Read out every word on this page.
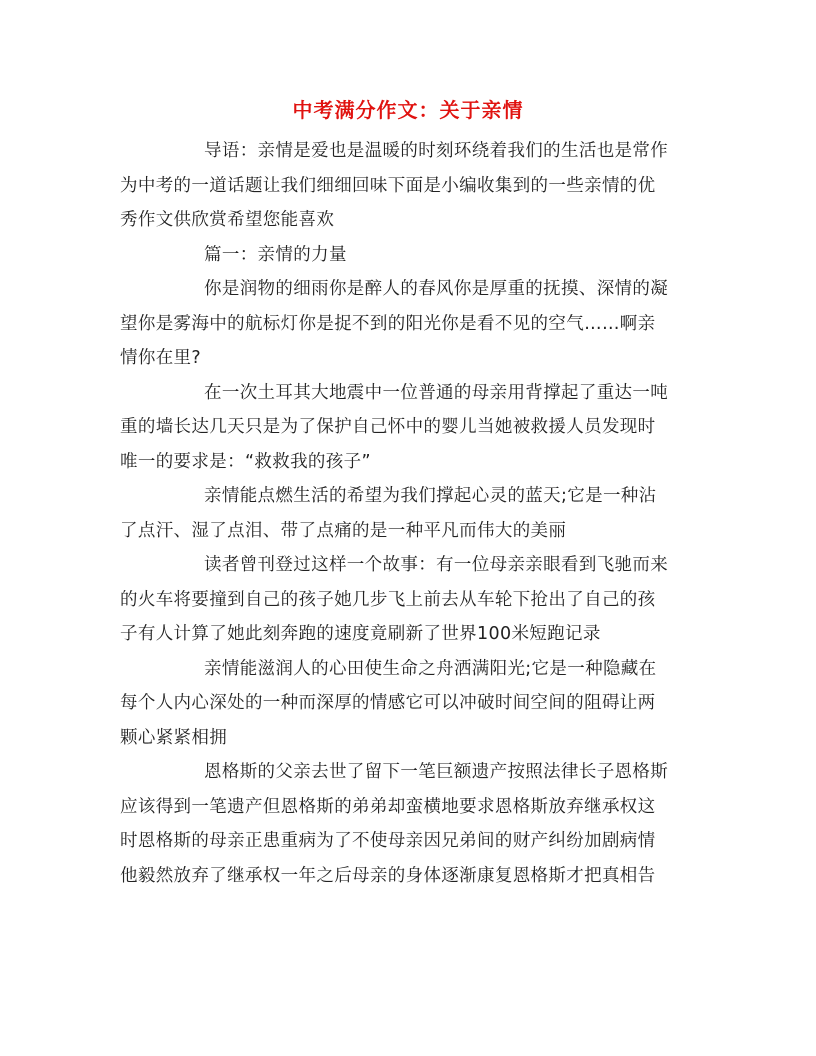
中考满分作文：关于亲情
导语：亲情是爱也是温暖的时刻环绕着我们的生活也是常作
为中考的一道话题让我们细细回味下面是小编收集到的一些亲情的优
秀作文供欣赏希望您能喜欢
篇一：亲情的力量
你是润物的细雨你是醉人的春风你是厚重的抚摸、深情的凝
望你是雾海中的航标灯你是捉不到的阳光你是看不见的空气……啊亲
情你在里?
在一次土耳其大地震中一位普通的母亲用背撑起了重达一吨
重的墙长达几天只是为了保护自己怀中的婴儿当她被救援人员发现时
唯一的要求是：“救救我的孩子”
亲情能点燃生活的希望为我们撑起心灵的蓝天;它是一种沾
了点汗、湿了点泪、带了点痛的是一种平凡而伟大的美丽
读者曾刊登过这样一个故事：有一位母亲亲眼看到飞驰而来
的火车将要撞到自己的孩子她几步飞上前去从车轮下抢出了自己的孩
子有人计算了她此刻奔跑的速度竟刷新了世界100米短跑记录
亲情能滋润人的心田使生命之舟洒满阳光;它是一种隐藏在
每个人内心深处的一种而深厚的情感它可以冲破时间空间的阻碍让两
颗心紧紧相拥
恩格斯的父亲去世了留下一笔巨额遗产按照法律长子恩格斯
应该得到一笔遗产但恩格斯的弟弟却蛮横地要求恩格斯放弃继承权这
时恩格斯的母亲正患重病为了不使母亲因兄弟间的财产纠纷加剧病情
他毅然放弃了继承权一年之后母亲的身体逐渐康复恩格斯才把真相告
